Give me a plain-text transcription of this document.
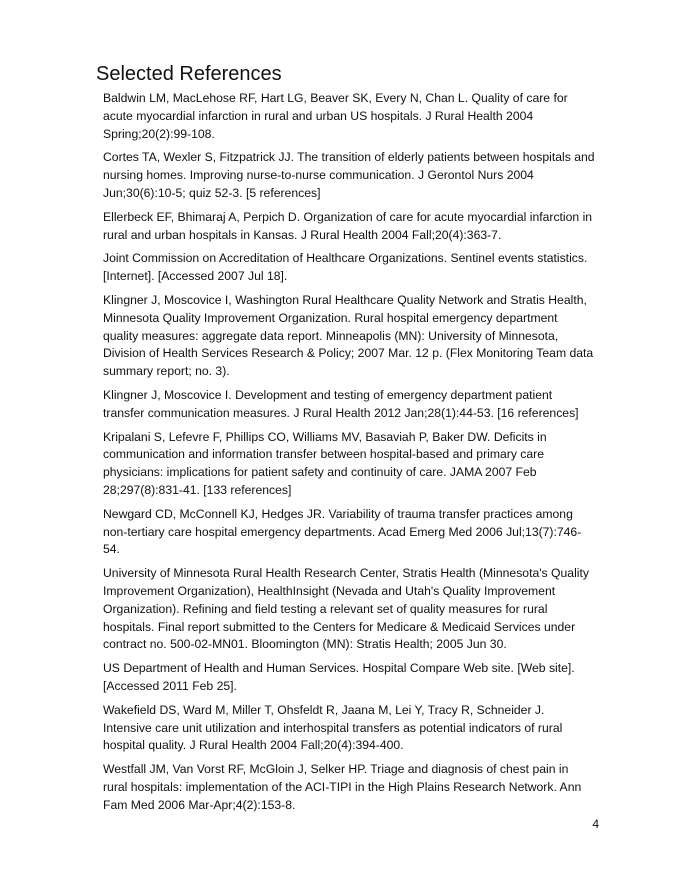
Selected References
Baldwin LM, MacLehose RF, Hart LG, Beaver SK, Every N, Chan L. Quality of care for acute myocardial infarction in rural and urban US hospitals. J Rural Health 2004 Spring;20(2):99-108.
Cortes TA, Wexler S, Fitzpatrick JJ. The transition of elderly patients between hospitals and nursing homes. Improving nurse-to-nurse communication. J Gerontol Nurs 2004 Jun;30(6):10-5; quiz 52-3. [5 references]
Ellerbeck EF, Bhimaraj A, Perpich D. Organization of care for acute myocardial infarction in rural and urban hospitals in Kansas. J Rural Health 2004 Fall;20(4):363-7.
Joint Commission on Accreditation of Healthcare Organizations. Sentinel events statistics. [Internet]. [Accessed 2007 Jul 18].
Klingner J, Moscovice I, Washington Rural Healthcare Quality Network and Stratis Health, Minnesota Quality Improvement Organization. Rural hospital emergency department quality measures: aggregate data report. Minneapolis (MN): University of Minnesota, Division of Health Services Research & Policy; 2007 Mar. 12 p. (Flex Monitoring Team data summary report; no. 3).
Klingner J, Moscovice I. Development and testing of emergency department patient transfer communication measures. J Rural Health 2012 Jan;28(1):44-53. [16 references]
Kripalani S, Lefevre F, Phillips CO, Williams MV, Basaviah P, Baker DW. Deficits in communication and information transfer between hospital-based and primary care physicians: implications for patient safety and continuity of care. JAMA 2007 Feb 28;297(8):831-41. [133 references]
Newgard CD, McConnell KJ, Hedges JR. Variability of trauma transfer practices among non-tertiary care hospital emergency departments. Acad Emerg Med 2006 Jul;13(7):746-54.
University of Minnesota Rural Health Research Center, Stratis Health (Minnesota's Quality Improvement Organization), HealthInsight (Nevada and Utah's Quality Improvement Organization). Refining and field testing a relevant set of quality measures for rural hospitals. Final report submitted to the Centers for Medicare & Medicaid Services under contract no. 500-02-MN01. Bloomington (MN): Stratis Health; 2005 Jun 30.
US Department of Health and Human Services. Hospital Compare Web site. [Web site]. [Accessed 2011 Feb 25].
Wakefield DS, Ward M, Miller T, Ohsfeldt R, Jaana M, Lei Y, Tracy R, Schneider J. Intensive care unit utilization and interhospital transfers as potential indicators of rural hospital quality. J Rural Health 2004 Fall;20(4):394-400.
Westfall JM, Van Vorst RF, McGloin J, Selker HP. Triage and diagnosis of chest pain in rural hospitals: implementation of the ACI-TIPI in the High Plains Research Network. Ann Fam Med 2006 Mar-Apr;4(2):153-8.
4
